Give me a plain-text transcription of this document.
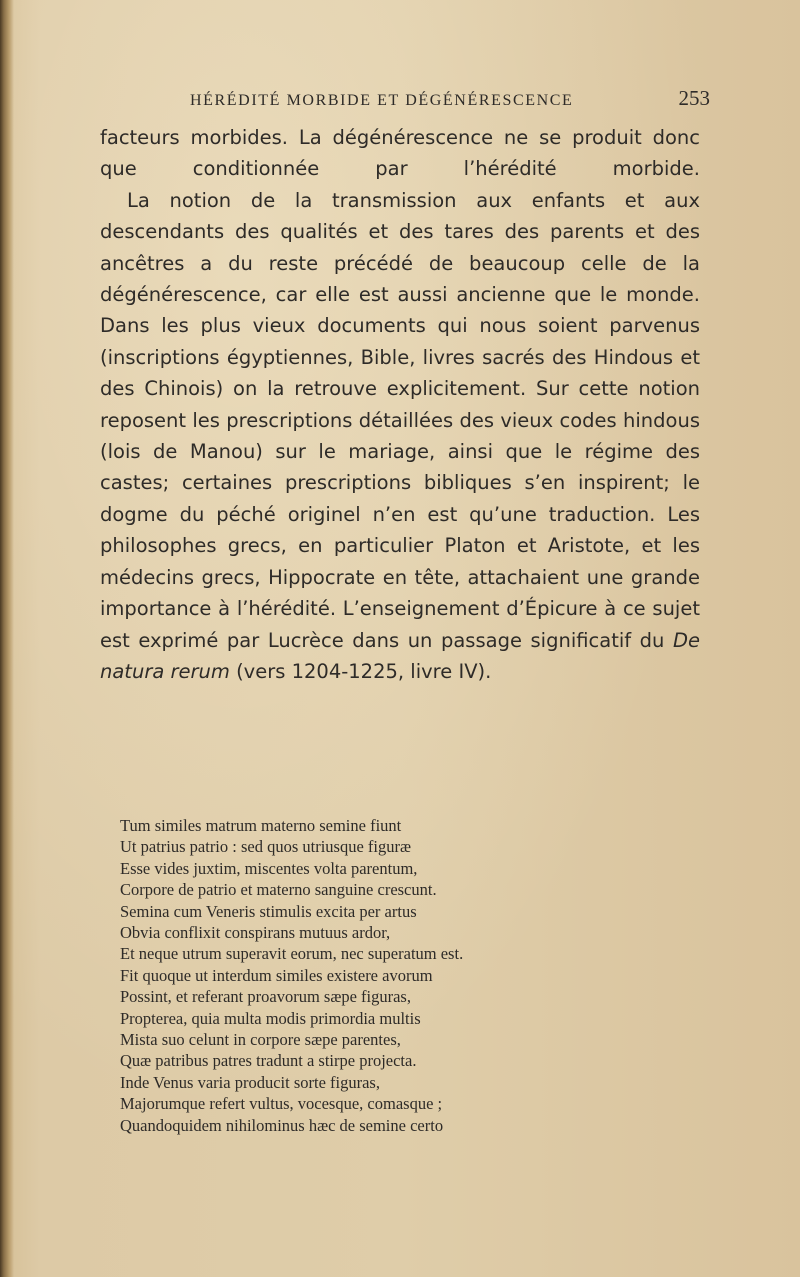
HÉRÉDITÉ MORBIDE ET DÉGÉNÉRESCENCE	253

facteurs morbides. La dégénérescence ne se produit donc que conditionnée par l’hérédité morbide.

La notion de la transmission aux enfants et aux descendants des qualités et des tares des parents et des ancêtres a du reste précédé de beaucoup celle de la dégénérescence, car elle est aussi ancienne que le monde. Dans les plus vieux documents qui nous soient parvenus (inscriptions égyptiennes, Bible, livres sacrés des Hindous et des Chinois) on la retrouve explicitement. Sur cette notion reposent les prescriptions détaillées des vieux codes hindous (lois de Manou) sur le mariage, ainsi que le régime des castes; certaines prescriptions bibliques s’en inspirent; le dogme du péché originel n’en est qu’une traduction. Les philosophes grecs, en particulier Platon et Aristote, et les médecins grecs, Hippocrate en tête, attachaient une grande importance à l’hérédité. L’enseignement d’Épicure à ce sujet est exprimé par Lucrèce dans un passage significatif du De natura rerum (vers 1204-1225, livre IV).

Tum similes matrum materno semine fiunt
Ut patrius patrio : sed quos utriusque figuræ
Esse vides juxtim, miscentes volta parentum,
Corpore de patrio et materno sanguine crescunt.
Semina cum Veneris stimulis excita per artus
Obvia conflixit conspirans mutuus ardor,
Et neque utrum superavit eorum, nec superatum est.
Fit quoque ut interdum similes existere avorum
Possint, et referant proavorum sæpe figuras,
Propterea, quia multa modis primordia multis
Mista suo celunt in corpore sæpe parentes,
Quæ patribus patres tradunt a stirpe projecta.
Inde Venus varia producit sorte figuras,
Majorumque refert vultus, vocesque, comasque ;
Quandoquidem nihilominus hæc de semine certo
